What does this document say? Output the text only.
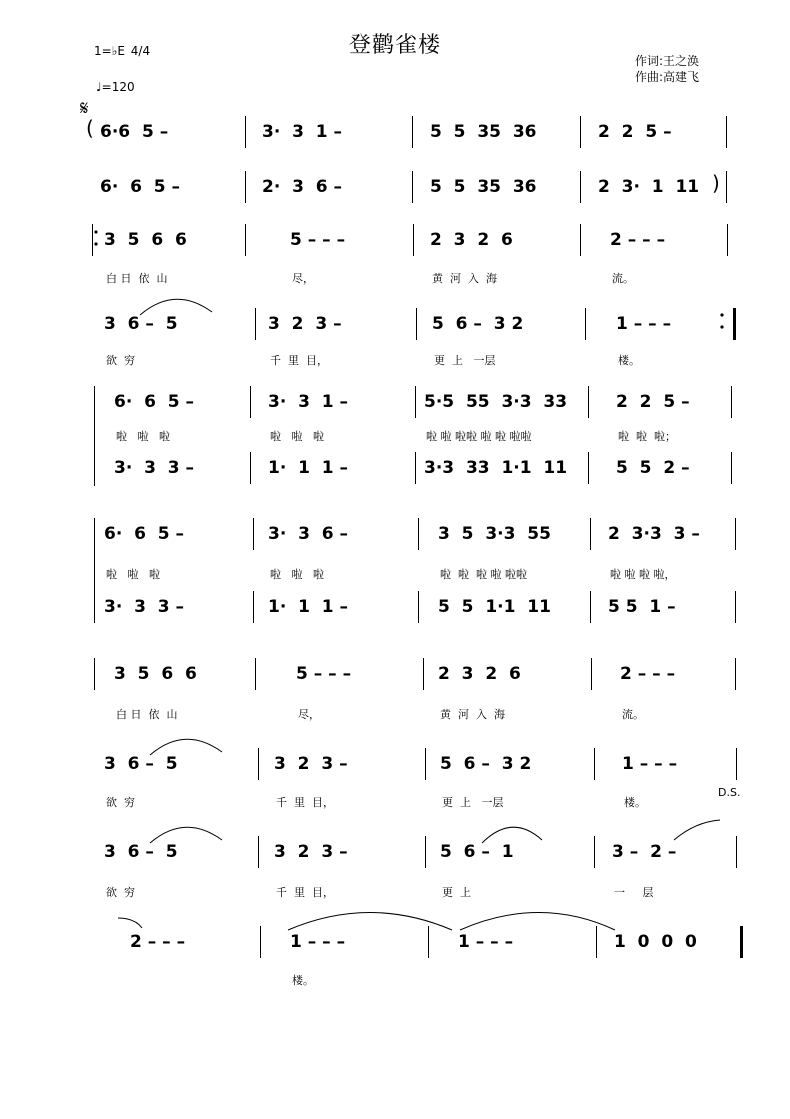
登鹳雀楼
作词:王之涣
作曲:高建飞
1=♭E 4/4
♩=120
𝄋
6·6  5 –	3·  3  1 –	5  5  35  36	2  2  5 –
6·  6  5 –	2·  3  6 –	5  5  35  36	2  3·  1  11
3  5  6  6	5 – – –	2  3  2  6	2 – – –
白 日  依  山	尽，	黄  河  入  海	流。
3  6 –  5	3  2  3 –	5  6 –  3 2	1 – – –
欲  穷	千  里  目，	更  上   一层	楼。
6·  6  5 –	3·  3  1 –	5·5  55  3·3  33	2  2  5 –
啦   啦   啦	啦   啦   啦	啦 啦 啦啦 啦 啦 啦啦	啦  啦  啦；
3·  3  3 –	1·  1  1 –	3·3  33  1·1  11	5  5  2 –
6·  6  5 –	3·  3  6 –	3  5  3·3  55	2  3·3  3 –
啦   啦   啦	啦   啦   啦	啦  啦  啦 啦 啦啦	啦 啦 啦 啦，
3·  3  3 –	1·  1  1 –	5  5  1·1  11	5 5  1 –
3  5  6  6	5 – – –	2  3  2  6	2 – – –
白 日  依  山	尽，	黄  河  入  海	流。
3  6 –  5	3  2  3 –	5  6 –  3 2	1 – – –
欲  穷	千  里  目，	更  上   一层	楼。
3  6 –  5	3  2  3 –	5  6 –  1	3 –  2 –
欲  穷	千  里  目，	更  上	一     层
2 – – –	1 – – –	1 – – –	1  0  0  0
楼。
(
)
D.S.
